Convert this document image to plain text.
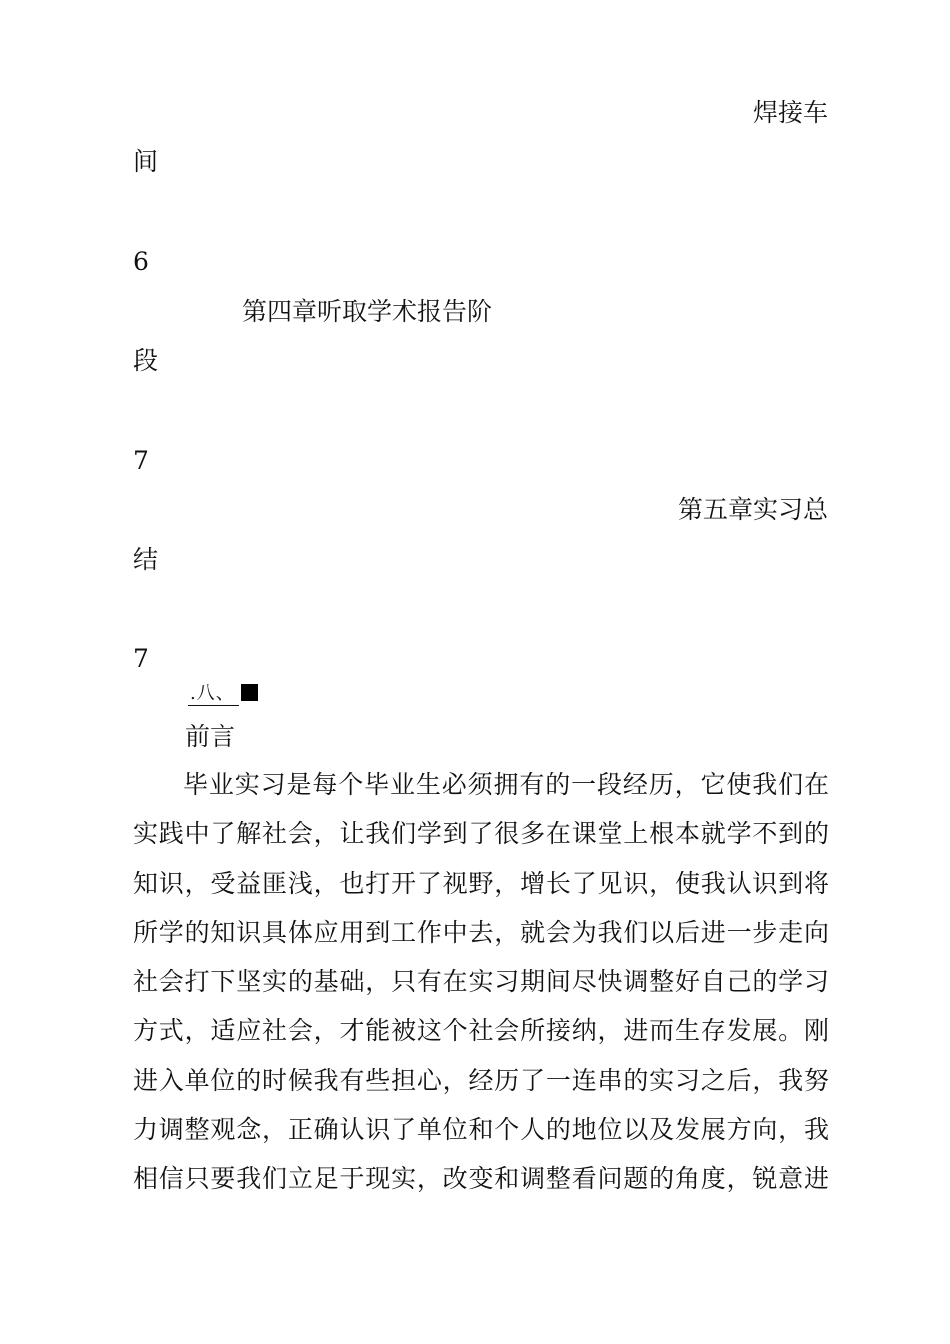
焊接车
间
6
第四章听取学术报告阶
段
7
第五章实习总
结
7
.八、
前言
毕业实习是每个毕业生必须拥有的一段经历，它使我们在
实践中了解社会，让我们学到了很多在课堂上根本就学不到的
知识，受益匪浅，也打开了视野，增长了见识，使我认识到将
所学的知识具体应用到工作中去，就会为我们以后进一步走向
社会打下坚实的基础，只有在实习期间尽快调整好自己的学习
方式，适应社会，才能被这个社会所接纳，进而生存发展。刚
进入单位的时候我有些担心，经历了一连串的实习之后，我努
力调整观念，正确认识了单位和个人的地位以及发展方向，我
相信只要我们立足于现实，改变和调整看问题的角度，锐意进
